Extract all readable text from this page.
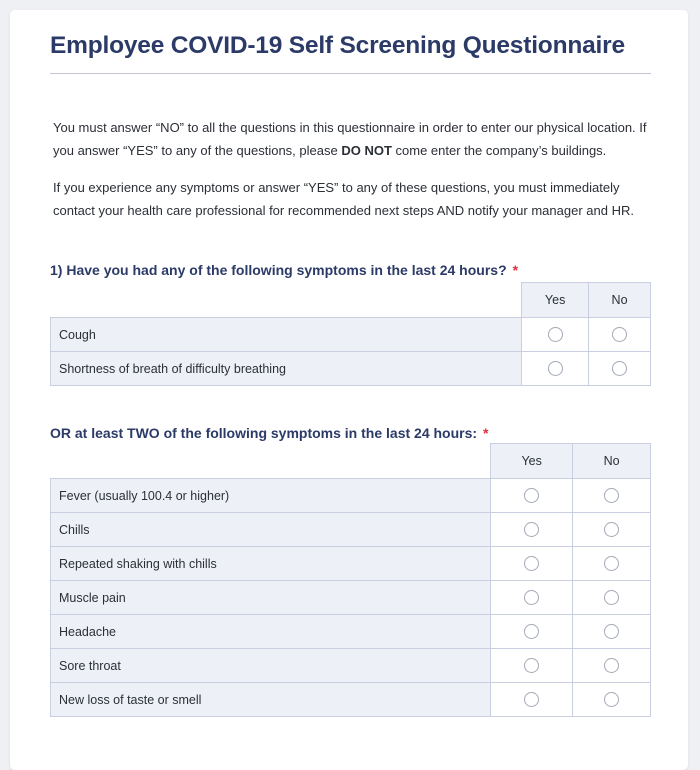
Employee COVID-19 Self Screening Questionnaire

You must answer “NO” to all the questions in this questionnaire in order to enter our physical location. If you answer “YES” to any of the questions, please DO NOT come enter the company’s buildings.

If you experience any symptoms or answer “YES” to any of these questions, you must immediately contact your health care professional for recommended next steps AND notify your manager and HR.

1) Have you had any of the following symptoms in the last 24 hours? *
	Yes	No
Cough		
Shortness of breath of difficulty breathing		
OR at least TWO of the following symptoms in the last 24 hours: *
	Yes	No
Fever (usually 100.4 or higher)		
Chills		
Repeated shaking with chills		
Muscle pain		
Headache		
Sore throat		
New loss of taste or smell		
